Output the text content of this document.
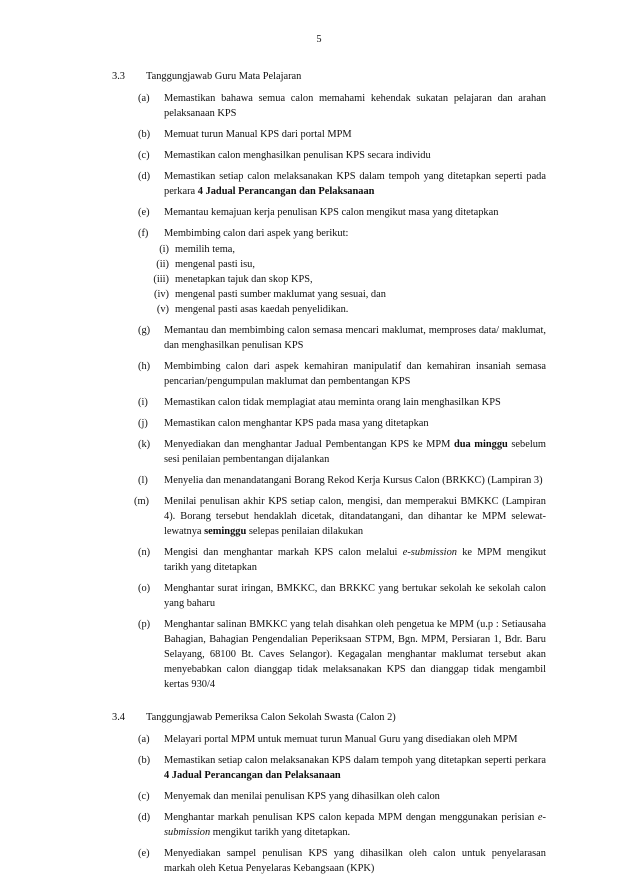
5
3.3	Tanggungjawab Guru Mata Pelajaran
(a)	Memastikan bahawa semua calon memahami kehendak sukatan pelajaran dan arahan pelaksanaan KPS
(b)	Memuat turun Manual KPS dari portal MPM
(c)	Memastikan calon menghasilkan penulisan KPS secara individu
(d)	Memastikan setiap calon melaksanakan KPS dalam tempoh yang ditetapkan seperti pada perkara 4 Jadual Perancangan dan Pelaksanaan
(e)	Memantau kemajuan kerja penulisan KPS calon mengikut masa yang ditetapkan
(f)	Membimbing calon dari aspek yang berikut:
(i) memilih tema,
(ii) mengenal pasti isu,
(iii) menetapkan tajuk dan skop KPS,
(iv) mengenal pasti sumber maklumat yang sesuai, dan
(v) mengenal pasti asas kaedah penyelidikan.
(g)	Memantau dan membimbing calon semasa mencari maklumat, memproses data/ maklumat, dan menghasilkan penulisan KPS
(h)	Membimbing calon dari aspek kemahiran manipulatif dan kemahiran insaniah semasa pencarian/pengumpulan maklumat dan pembentangan KPS
(i)	Memastikan calon tidak memplagiat atau meminta orang lain menghasilkan KPS
(j)	Memastikan calon menghantar KPS pada masa yang ditetapkan
(k)	Menyediakan dan menghantar Jadual Pembentangan KPS ke MPM dua minggu sebelum sesi penilaian pembentangan dijalankan
(l)	Menyelia dan menandatangani Borang Rekod Kerja Kursus Calon (BRKKC) (Lampiran 3)
(m)	Menilai penulisan akhir KPS setiap calon, mengisi, dan memperakui BMKKC (Lampiran 4). Borang tersebut hendaklah dicetak, ditandatangani, dan dihantar ke MPM selewat-lewatnya seminggu selepas penilaian dilakukan
(n)	Mengisi dan menghantar markah KPS calon melalui e-submission ke MPM mengikut tarikh yang ditetapkan
(o)	Menghantar surat iringan, BMKKC, dan BRKKC yang bertukar sekolah ke sekolah calon yang baharu
(p)	Menghantar salinan BMKKC yang telah disahkan oleh pengetua ke MPM (u.p : Setiausaha Bahagian, Bahagian Pengendalian Peperiksaan STPM, Bgn. MPM, Persiaran 1, Bdr. Baru Selayang, 68100 Bt. Caves Selangor). Kegagalan menghantar maklumat tersebut akan menyebabkan calon dianggap tidak melaksanakan KPS dan dianggap tidak mengambil kertas 930/4
3.4	Tanggungjawab Pemeriksa Calon Sekolah Swasta (Calon 2)
(a)	Melayari portal MPM untuk memuat turun Manual Guru yang disediakan oleh MPM
(b)	Memastikan setiap calon melaksanakan KPS dalam tempoh yang ditetapkan seperti perkara 4 Jadual Perancangan dan Pelaksanaan
(c)	Menyemak dan menilai penulisan KPS yang dihasilkan oleh calon
(d)	Menghantar markah penulisan KPS calon kepada MPM dengan menggunakan perisian e-submission mengikut tarikh yang ditetapkan.
(e)	Menyediakan sampel penulisan KPS yang dihasilkan oleh calon untuk penyelarasan markah oleh Ketua Penyelaras Kebangsaan (KPK)
